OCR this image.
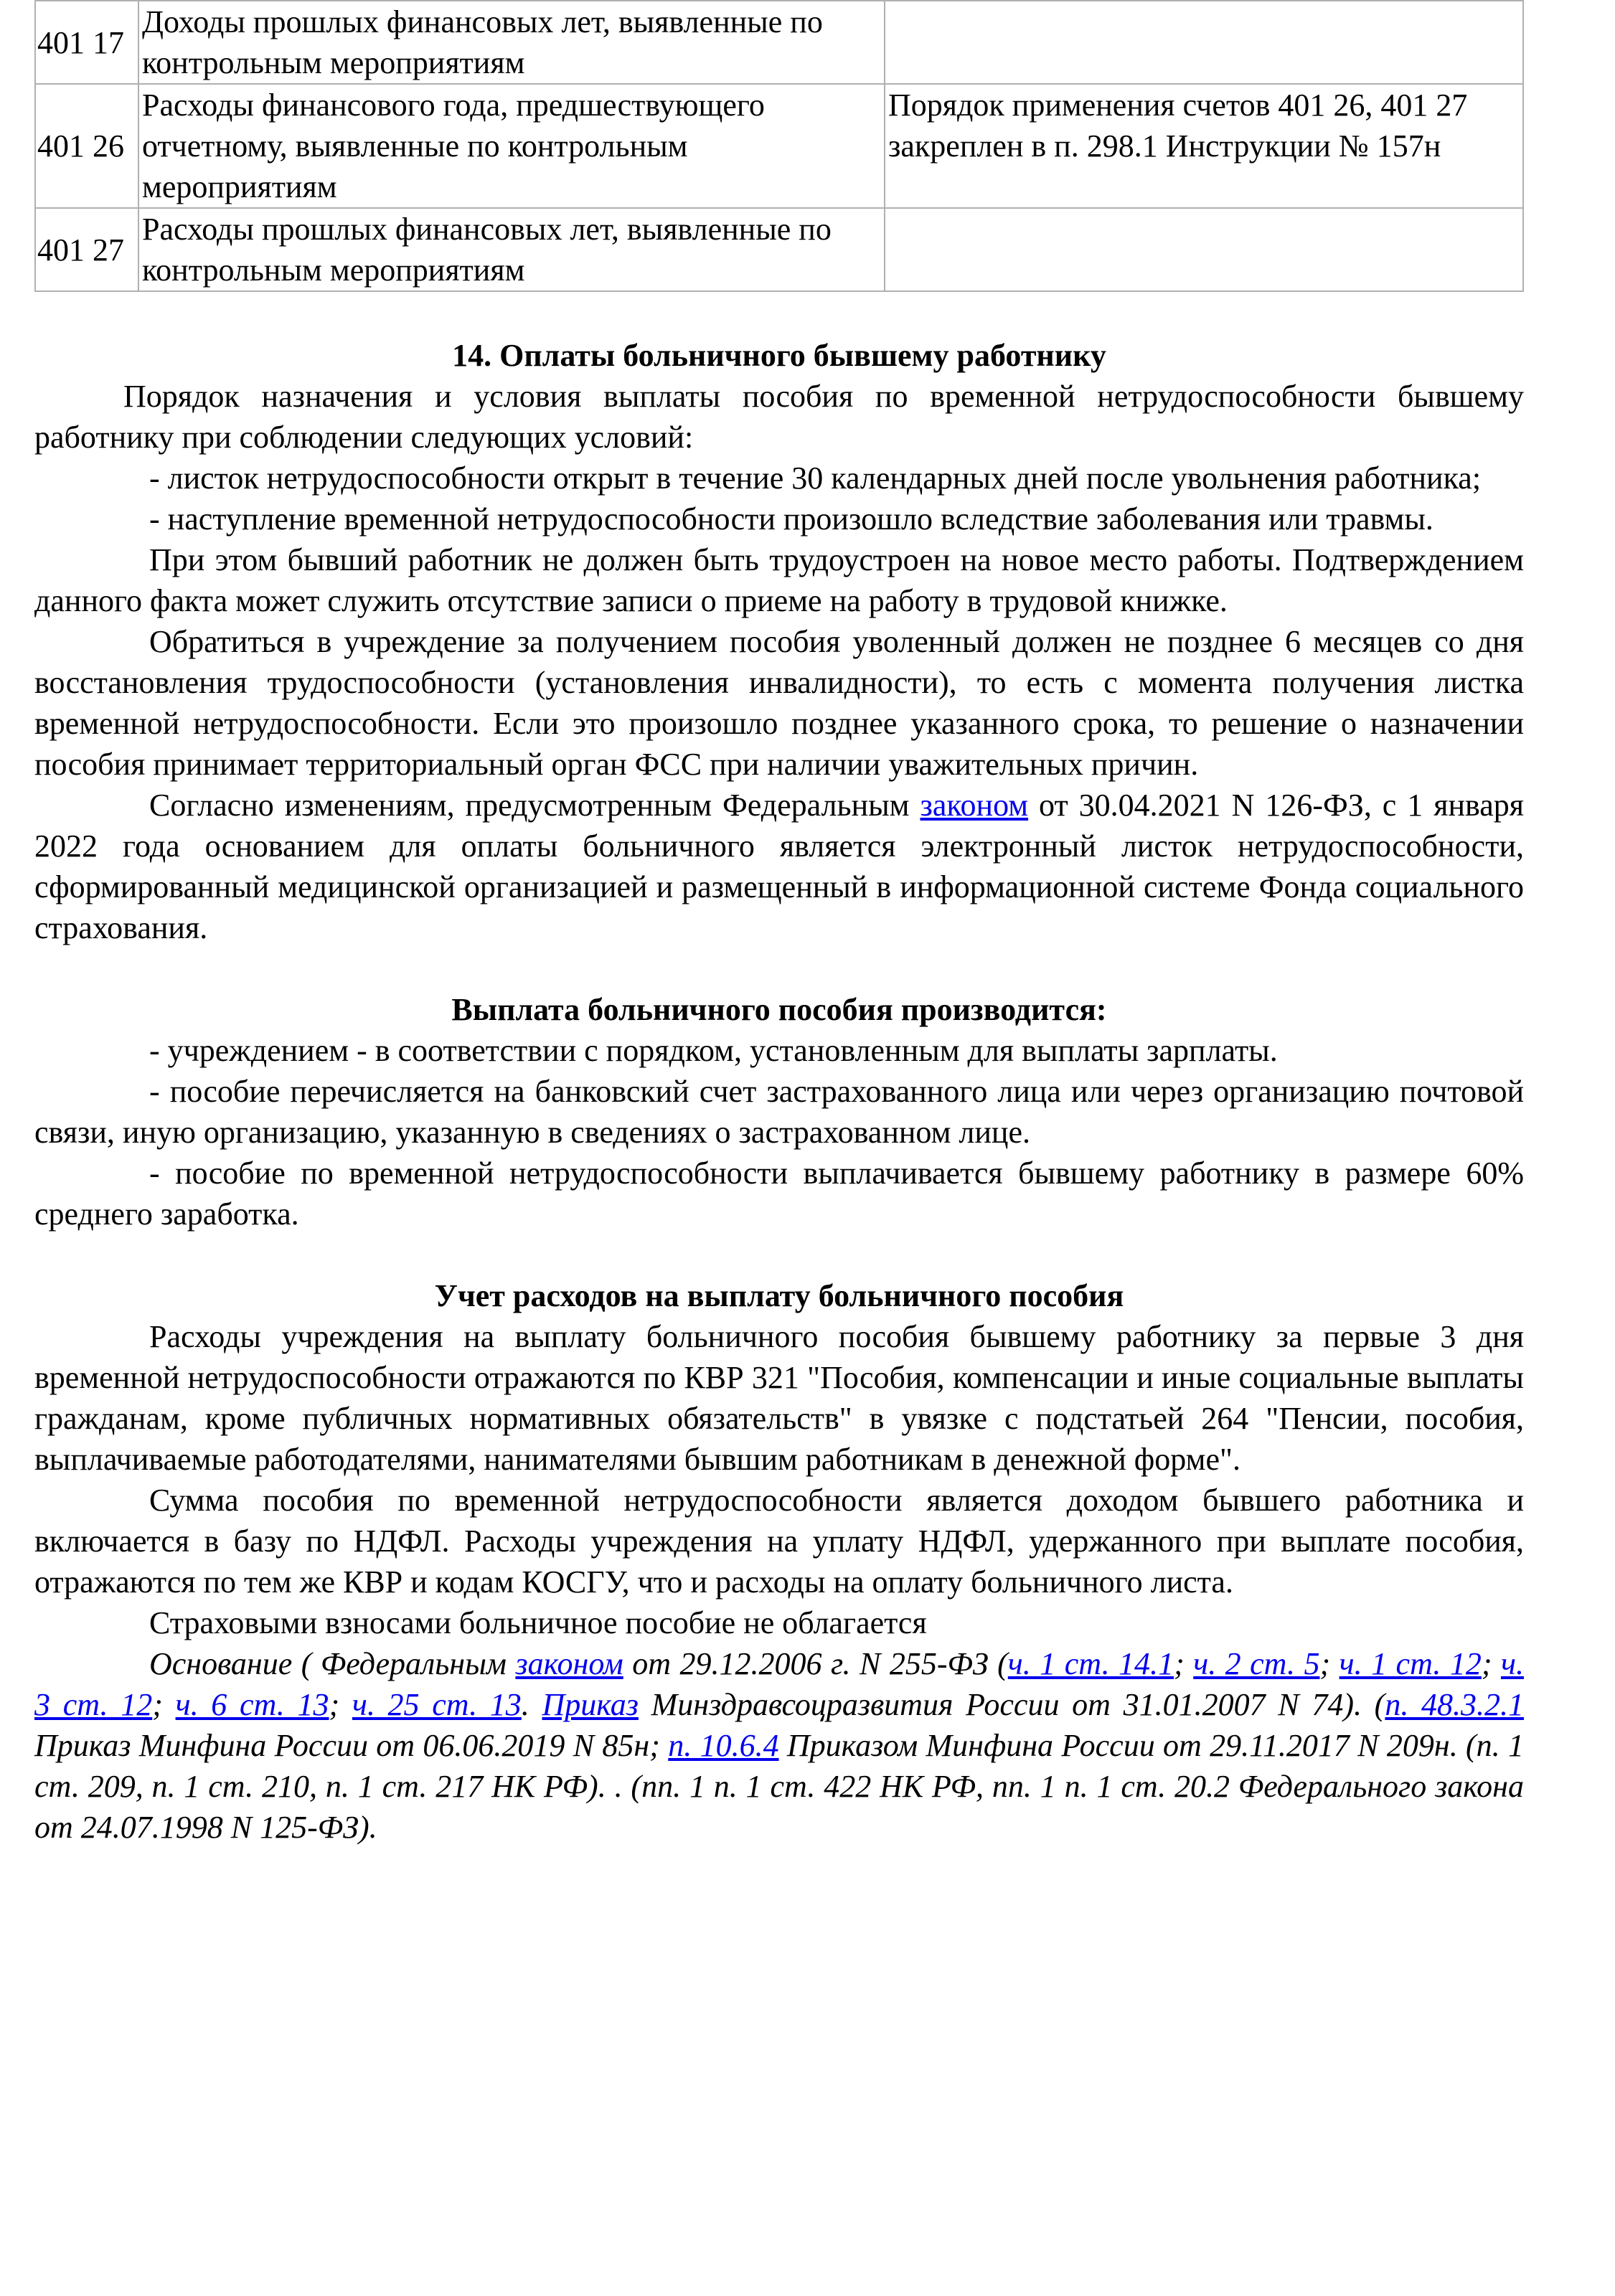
401 17	Доходы прошлых финансовых лет, выявленные по контрольным мероприятиям	
401 26	Расходы финансового года, предшествующего отчетному, выявленные по контрольным мероприятиям	Порядок применения счетов 401 26, 401 27 закреплен в п. 298.1 Инструкции № 157н
401 27	Расходы прошлых финансовых лет, выявленные по контрольным мероприятиям	
14. Оплаты больничного бывшему работнику

Порядок назначения и условия выплаты пособия по временной нетрудоспособности бывшему работнику при соблюдении следующих условий:

- листок нетрудоспособности открыт в течение 30 календарных дней после увольнения работника;

- наступление временной нетрудоспособности произошло вследствие заболевания или травмы.

При этом бывший работник не должен быть трудоустроен на новое место работы. Подтверждением данного факта может служить отсутствие записи о приеме на работу в трудовой книжке.

Обратиться в учреждение за получением пособия уволенный должен не позднее 6 месяцев со дня восстановления трудоспособности (установления инвалидности), то есть с момента получения листка временной нетрудоспособности. Если это произошло позднее указанного срока, то решение о назначении пособия принимает территориальный орган ФСС при наличии уважительных причин.

Согласно изменениям, предусмотренным Федеральным законом от 30.04.2021 N 126-ФЗ, с 1 января 2022 года основанием для оплаты больничного является электронный листок нетрудоспособности, сформированный медицинской организацией и размещенный в информационной системе Фонда социального страхования.

Выплата больничного пособия производится:

- учреждением - в соответствии с порядком, установленным для выплаты зарплаты.

- пособие перечисляется на банковский счет застрахованного лица или через организацию почтовой связи, иную организацию, указанную в сведениях о застрахованном лице.

- пособие по временной нетрудоспособности выплачивается бывшему работнику в размере 60% среднего заработка.

Учет расходов на выплату больничного пособия

Расходы учреждения на выплату больничного пособия бывшему работнику за первые 3 дня временной нетрудоспособности отражаются по КВР 321 "Пособия, компенсации и иные социальные выплаты гражданам, кроме публичных нормативных обязательств" в увязке с подстатьей 264 "Пенсии, пособия, выплачиваемые работодателями, нанимателями бывшим работникам в денежной форме".

Сумма пособия по временной нетрудоспособности является доходом бывшего работника и включается в базу по НДФЛ. Расходы учреждения на уплату НДФЛ, удержанного при выплате пособия, отражаются по тем же КВР и кодам КОСГУ, что и расходы на оплату больничного листа.

Страховыми взносами больничное пособие не облагается

Основание ( Федеральным законом от 29.12.2006 г. N 255-ФЗ (ч. 1 ст. 14.1; ч. 2 ст. 5; ч. 1 ст. 12; ч. 3 ст. 12; ч. 6 ст. 13; ч. 25 ст. 13. Приказ Минздравсоцразвития России от 31.01.2007 N 74). (п. 48.3.2.1 Приказ Минфина России от 06.06.2019 N 85н; п. 10.6.4 Приказом Минфина России от 29.11.2017 N 209н. (п. 1 ст. 209, п. 1 ст. 210, п. 1 ст. 217 НК РФ). . (пп. 1 п. 1 ст. 422 НК РФ, пп. 1 п. 1 ст. 20.2 Федерального закона от 24.07.1998 N 125-ФЗ).
